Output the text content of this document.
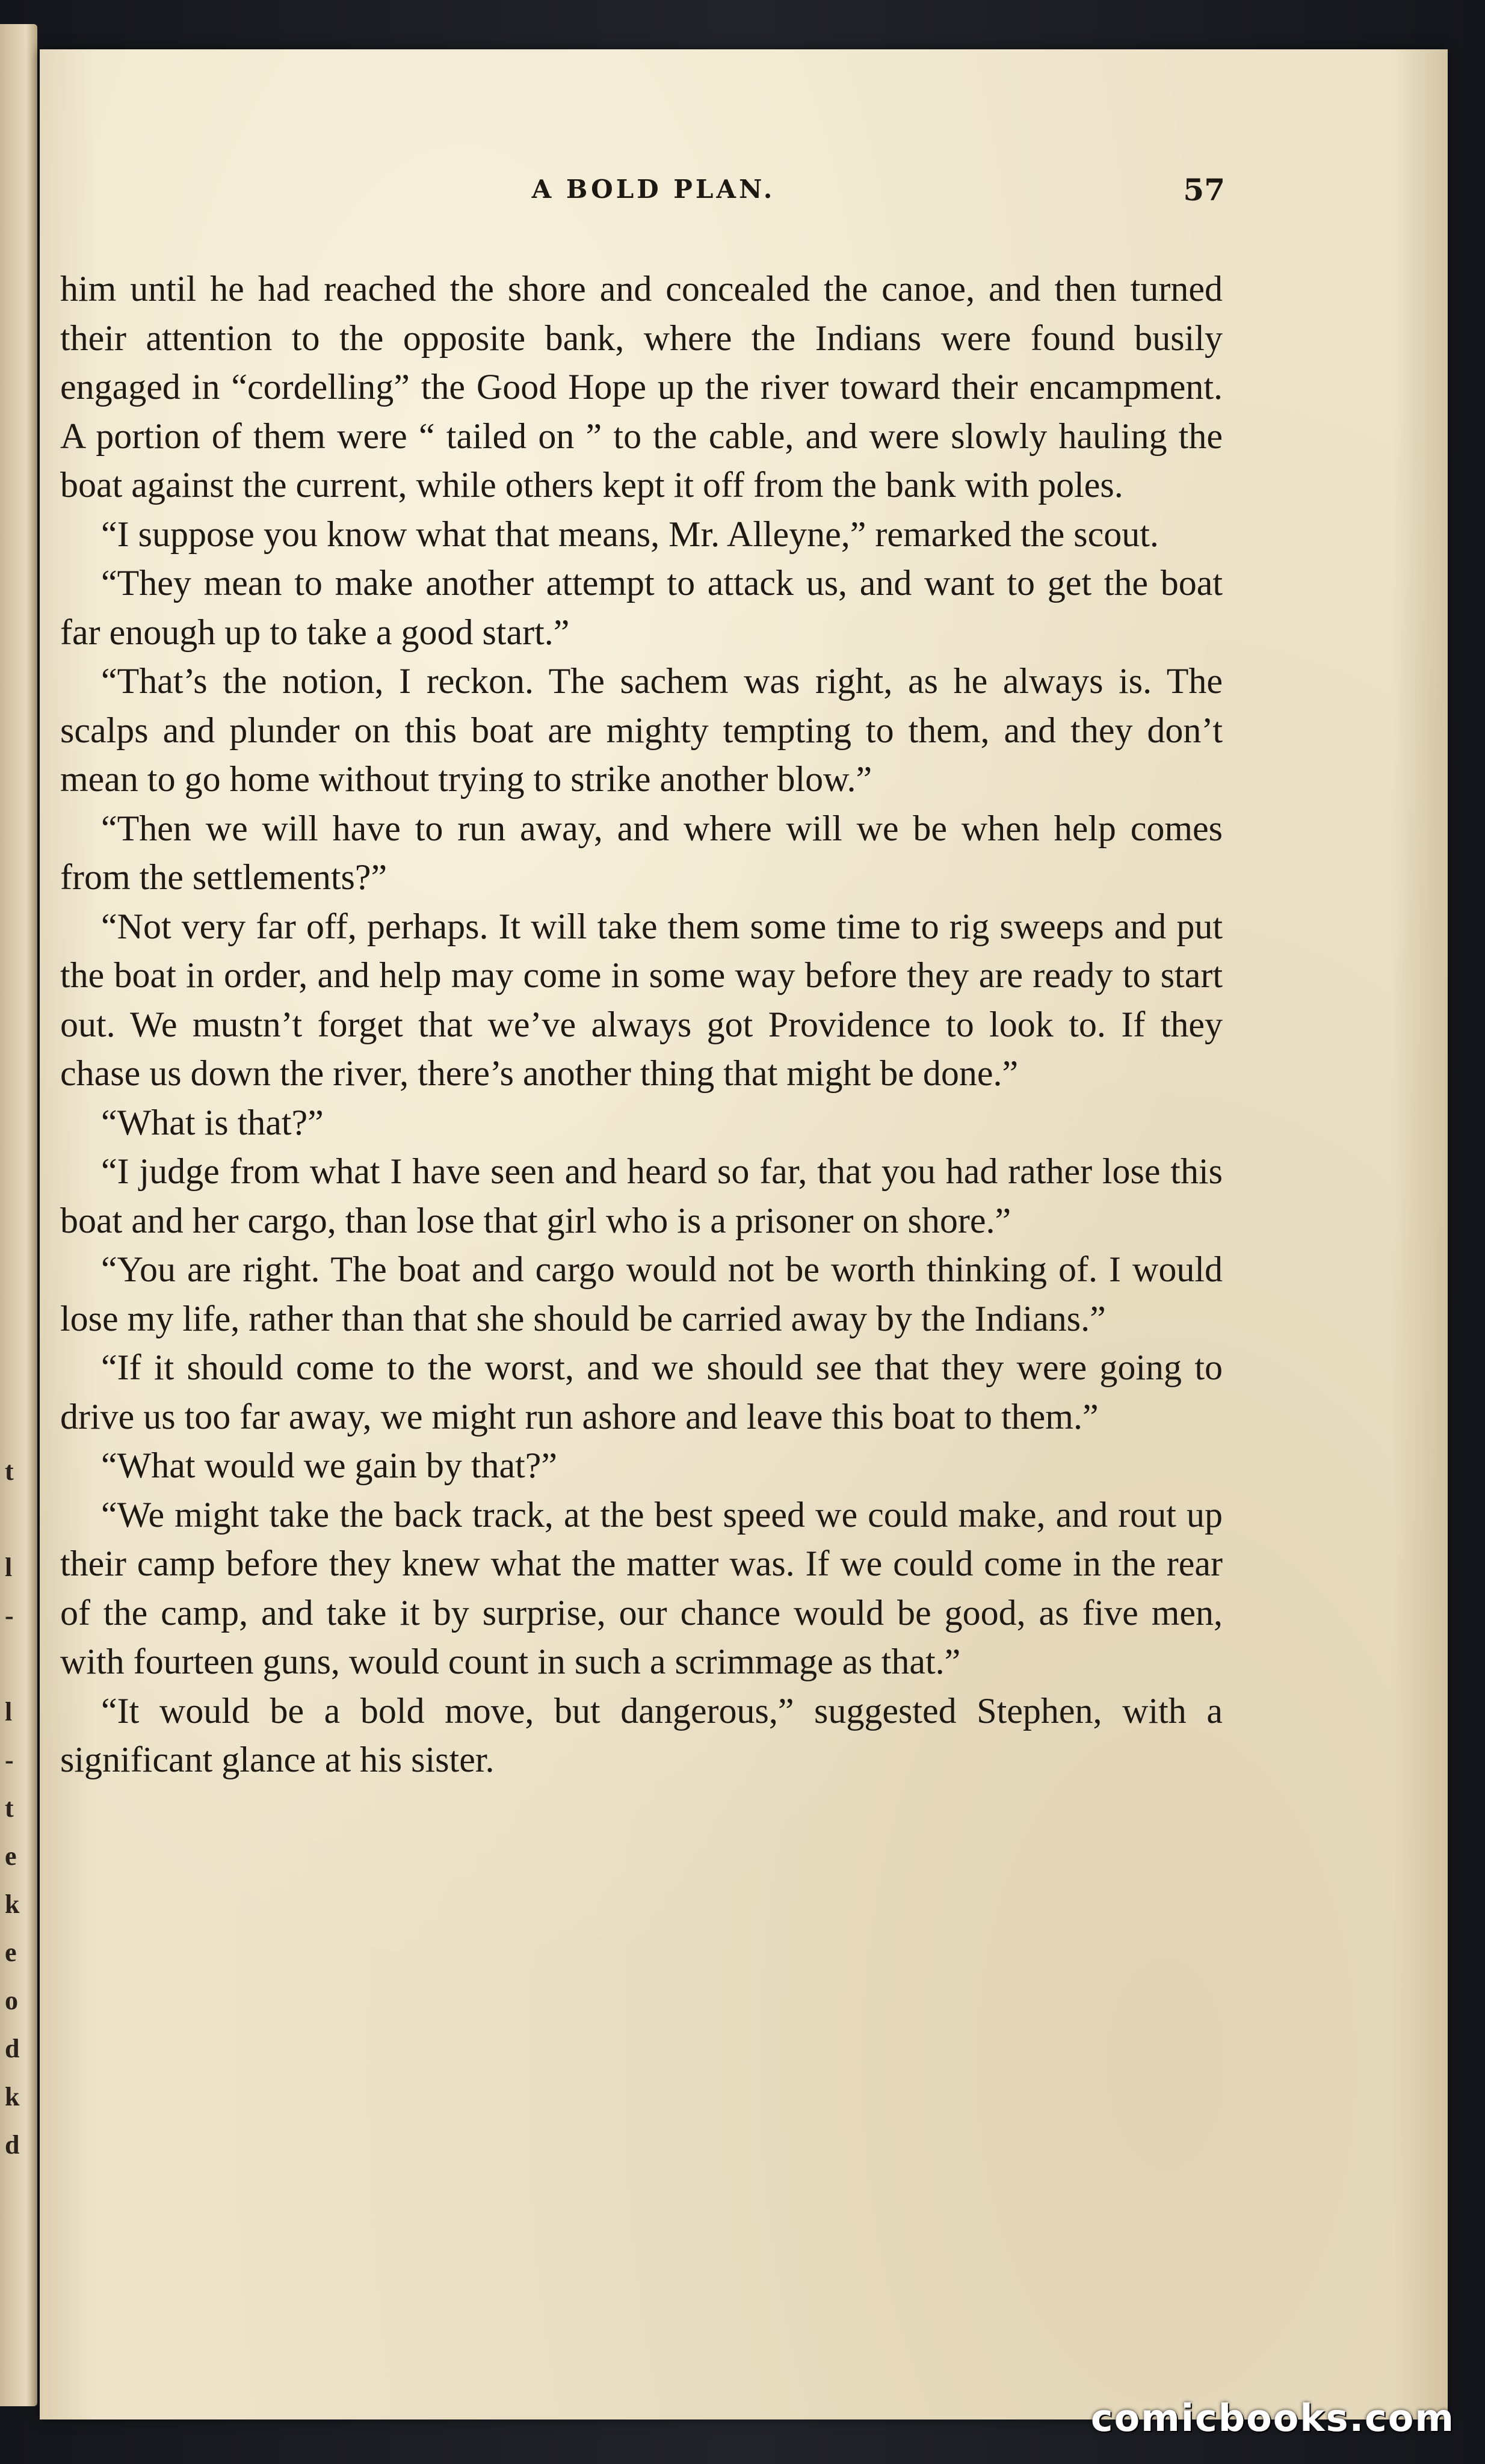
t
l
-
l
-
t
e
k
e
o
d
k
d
A BOLD PLAN.	57

him until he had reached the shore and concealed the canoe, and then turned their attention to the opposite bank, where the Indians were found busily engaged in “cordelling” the Good Hope up the river toward their encampment. A portion of them were “ tailed on ” to the cable, and were slowly hauling the boat against the current, while others kept it off from the bank with poles.

“I suppose you know what that means, Mr. Alleyne,” remarked the scout.

“They mean to make another attempt to attack us, and want to get the boat far enough up to take a good start.”

“That’s the notion, I reckon. The sachem was right, as he always is. The scalps and plunder on this boat are mighty tempting to them, and they don’t mean to go home without trying to strike another blow.”

“Then we will have to run away, and where will we be when help comes from the settlements?”

“Not very far off, perhaps. It will take them some time to rig sweeps and put the boat in order, and help may come in some way before they are ready to start out. We mustn’t forget that we’ve always got Providence to look to. If they chase us down the river, there’s another thing that might be done.”

“What is that?”

“I judge from what I have seen and heard so far, that you had rather lose this boat and her cargo, than lose that girl who is a prisoner on shore.”

“You are right. The boat and cargo would not be worth thinking of. I would lose my life, rather than that she should be carried away by the Indians.”

“If it should come to the worst, and we should see that they were going to drive us too far away, we might run ashore and leave this boat to them.”

“What would we gain by that?”

“We might take the back track, at the best speed we could make, and rout up their camp before they knew what the matter was. If we could come in the rear of the camp, and take it by surprise, our chance would be good, as five men, with fourteen guns, would count in such a scrimmage as that.”

“It would be a bold move, but dangerous,” suggested Stephen, with a significant glance at his sister.

comicbooks.com
